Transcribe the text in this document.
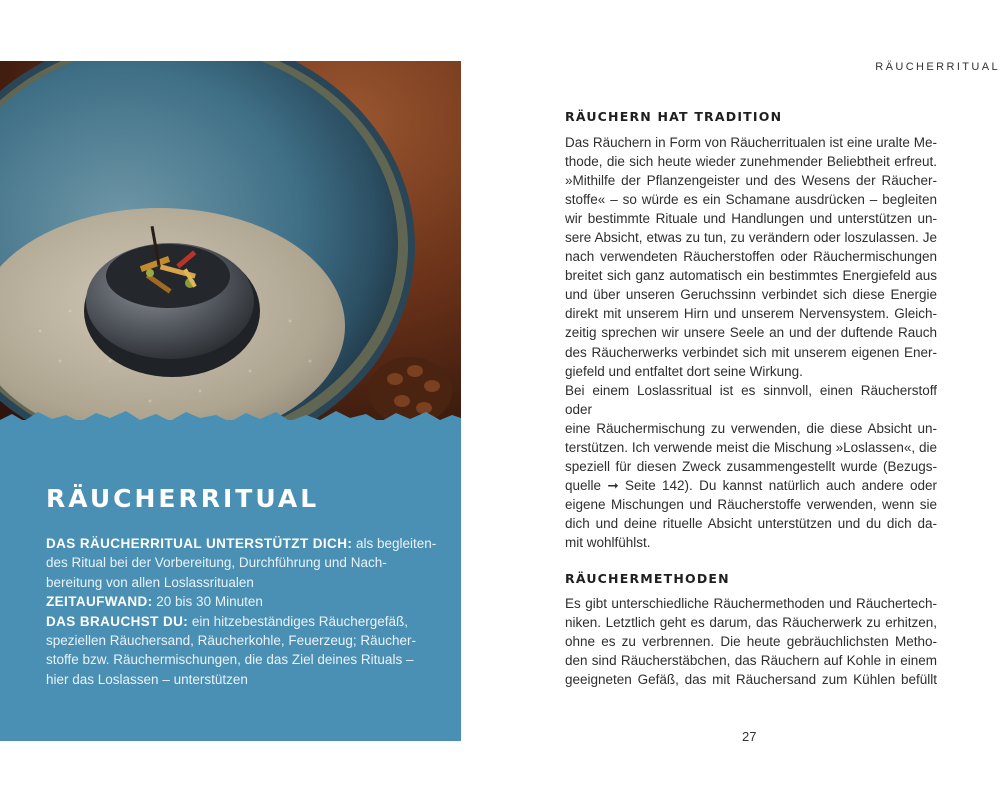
RÄUCHERRITUAL
DAS RÄUCHERRITUAL UNTERSTÜTZT DICH: als begleiten-
des Ritual bei der Vorbereitung, Durchführung und Nach-
bereitung von allen Loslassritualen
ZEITAUFWAND: 20 bis 30 Minuten
DAS BRAUCHST DU: ein hitzebeständiges Räuchergefäß,
speziellen Räuchersand, Räucherkohle, Feuerzeug; Räucher-
stoffe bzw. Räuchermischungen, die das Ziel deines Rituals –
hier das Loslassen – unterstützen
RÄUCHERRITUAL
RÄUCHERN HAT TRADITION
Das Räuchern in Form von Räucherritualen ist eine uralte Me-
thode, die sich heute wieder zunehmender Beliebtheit erfreut.
»Mithilfe der Pflanzengeister und des Wesens der Räucher-
stoffe« – so würde es ein Schamane ausdrücken – begleiten
wir bestimmte Rituale und Handlungen und unterstützen un-
sere Absicht, etwas zu tun, zu verändern oder loszulassen. Je
nach verwendeten Räucherstoffen oder Räuchermischungen
breitet sich ganz automatisch ein bestimmtes Energiefeld aus
und über unseren Geruchssinn verbindet sich diese Energie
direkt mit unserem Hirn und unserem Nervensystem. Gleich-
zeitig sprechen wir unsere Seele an und der duftende Rauch
des Räucherwerks verbindet sich mit unserem eigenen Ener-
giefeld und entfaltet dort seine Wirkung.
Bei einem Loslassritual ist es sinnvoll, einen Räucherstoff oder
eine Räuchermischung zu verwenden, die diese Absicht un-
terstützen. Ich verwende meist die Mischung »Loslassen«, die
speziell für diesen Zweck zusammengestellt wurde (Bezugs-
quelle ➞ Seite 142). Du kannst natürlich auch andere oder
eigene Mischungen und Räucherstoffe verwenden, wenn sie
dich und deine rituelle Absicht unterstützen und du dich da-
mit wohlfühlst.
RÄUCHERMETHODEN
Es gibt unterschiedliche Räuchermethoden und Räuchertech-
niken. Letztlich geht es darum, das Räucherwerk zu erhitzen,
ohne es zu verbrennen. Die heute gebräuchlichsten Metho-
den sind Räucherstäbchen, das Räuchern auf Kohle in einem
geeigneten Gefäß, das mit Räuchersand zum Kühlen befüllt
27
